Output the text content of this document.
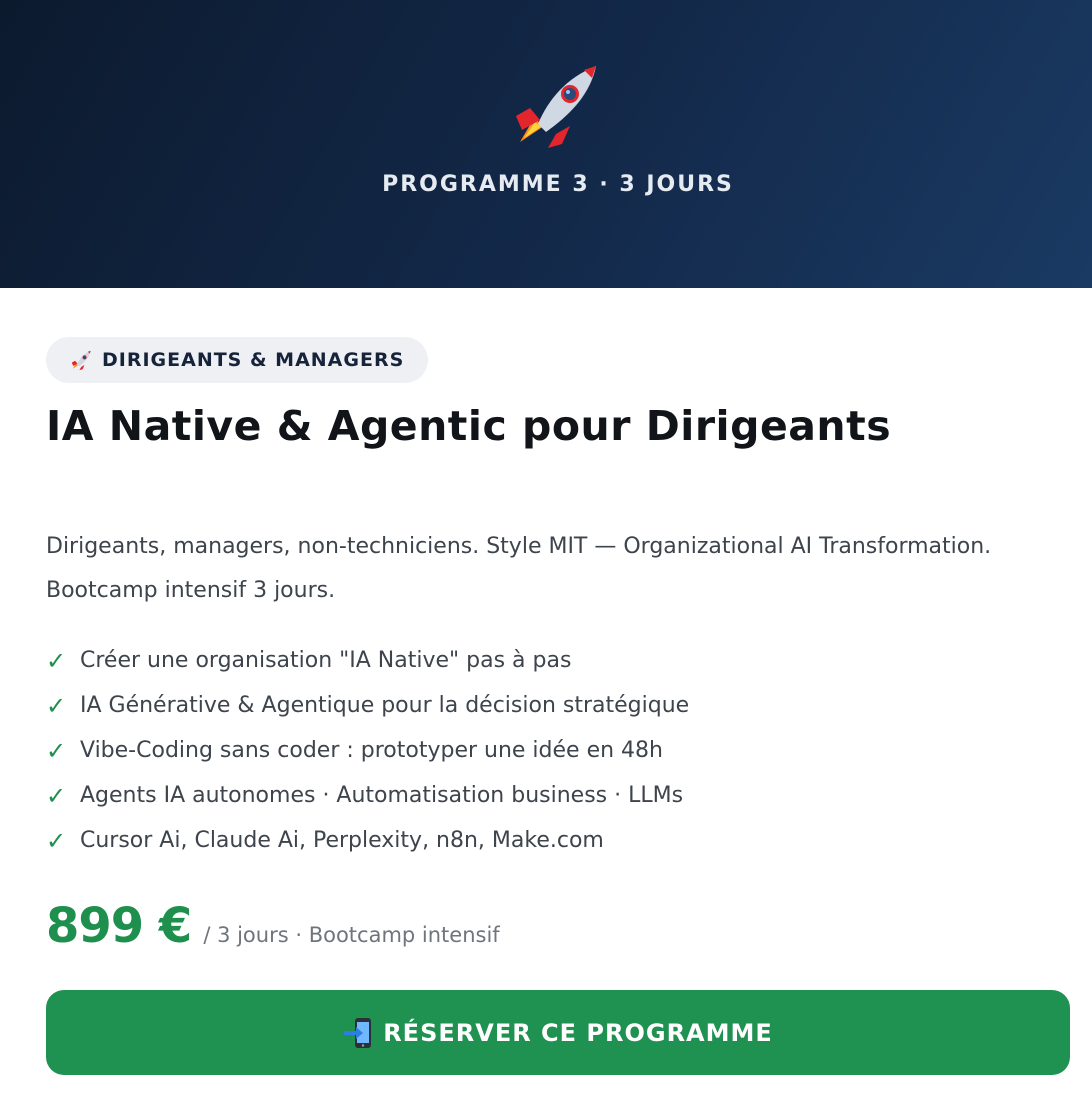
PROGRAMME 3 · 3 JOURS
DIRIGEANTS & MANAGERS
IA Native & Agentic pour Dirigeants

Dirigeants, managers, non-techniciens. Style MIT — Organizational AI Transformation. Bootcamp intensif 3 jours.

✓ Créer une organisation "IA Native" pas à pas
✓ IA Générative & Agentique pour la décision stratégique
✓ Vibe-Coding sans coder : prototyper une idée en 48h
✓ Agents IA autonomes · Automatisation business · LLMs
✓ Cursor Ai, Claude Ai, Perplexity, n8n, Make.com
899 € / 3 jours · Bootcamp intensif
RÉSERVER CE PROGRAMME
